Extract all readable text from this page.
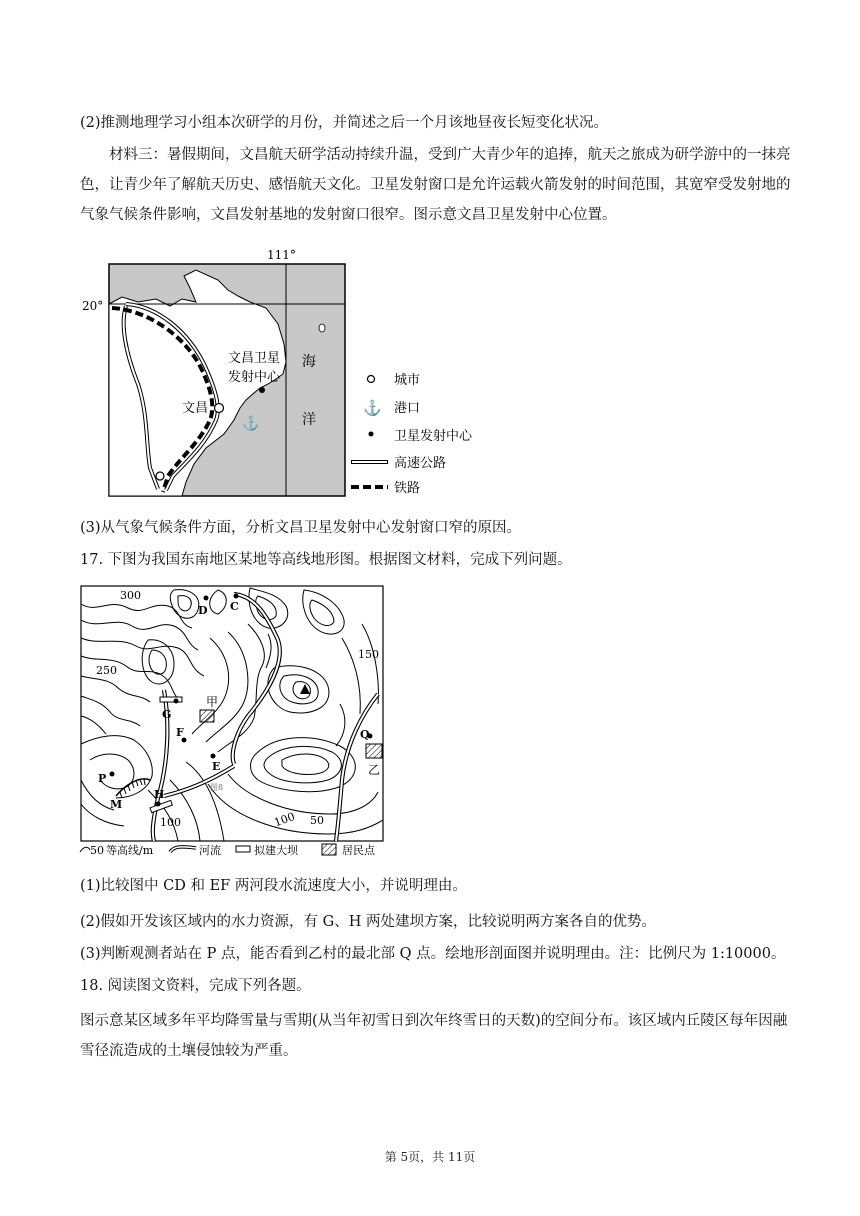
(2)推测地理学习小组本次研学的月份，并简述之后一个月该地昼夜长短变化状况。

材料三：暑假期间，文昌航天研学活动持续升温，受到广大青少年的追捧，航天之旅成为研学游中的一抹亮色，让青少年了解航天历史、感悟航天文化。卫星发射窗口是允许运载火箭发射的时间范围，其宽窄受发射地的气象气候条件影响，文昌发射基地的发射窗口很窄。图示意文昌卫星发射中心位置。

111°
20°
文昌
文昌卫星
发射中心
⚓
海
洋
城市
⚓ 港口
卫星发射中心
高速公路
铁路

(3)从气象气候条件方面，分析文昌卫星发射中心发射窗口窄的原因。

17. 下图为我国东南地区某地等高线地形图。根据图文材料，完成下列问题。

300
250
150
100	100 50
D C
G
F
E
P
M
H
Q
甲
乙
图8
50 等高线/m	河流	拟建大坝	居民点

(1)比较图中 CD 和 EF 两河段水流速度大小，并说明理由。

(2)假如开发该区域内的水力资源，有 G、H 两处建坝方案，比较说明两方案各自的优势。

(3)判断观测者站在 P 点，能否看到乙村的最北部 Q 点。绘地形剖面图并说明理由。注：比例尺为 1:10000。

18. 阅读图文资料，完成下列各题。

图示意某区域多年平均降雪量与雪期(从当年初雪日到次年终雪日的天数)的空间分布。该区域内丘陵区每年因融雪径流造成的土壤侵蚀较为严重。

第 5页，共 11页
